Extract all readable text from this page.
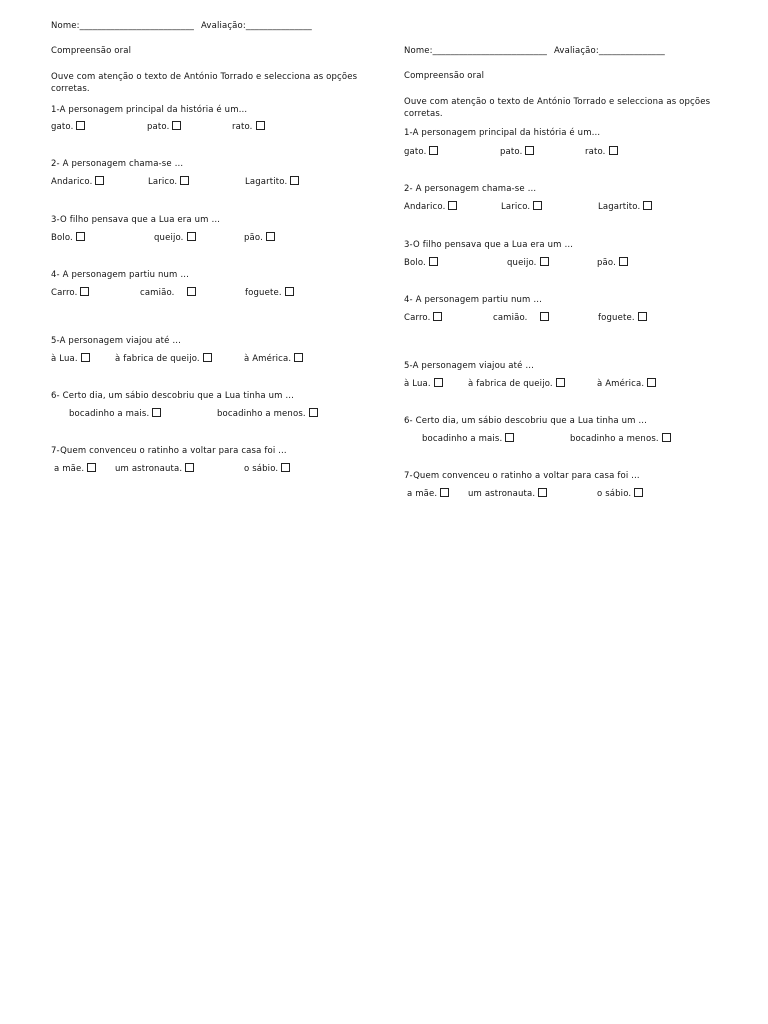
Nome:__________________________ Avaliação:_______________
Compreensão oral
Ouve com atenção o texto de António Torrado e selecciona as opções corretas.
1-A personagem principal da história é um…
gato.	pato.	rato.
2- A personagem chama-se …
Andarico.	Larico.	Lagartito.
3-O filho pensava que a Lua era um …
Bolo.	queijo.	pão.
4- A personagem partiu num …
Carro.	camião.	foguete.
5-A personagem viajou até …
à Lua.	à fabrica de queijo.	à América.
6- Certo dia, um sábio descobriu que a Lua tinha um …
bocadinho a mais.	bocadinho a menos.
7-Quem convenceu o ratinho a voltar para casa foi …
a mãe.	um astronauta.	o sábio.
Nome:__________________________ Avaliação:_______________
Compreensão oral
Ouve com atenção o texto de António Torrado e selecciona as opções corretas.
1-A personagem principal da história é um…
gato.	pato.	rato.
2- A personagem chama-se …
Andarico.	Larico.	Lagartito.
3-O filho pensava que a Lua era um …
Bolo.	queijo.	pão.
4- A personagem partiu num …
Carro.	camião.	foguete.
5-A personagem viajou até …
à Lua.	à fabrica de queijo.	à América.
6- Certo dia, um sábio descobriu que a Lua tinha um …
bocadinho a mais.	bocadinho a menos.
7-Quem convenceu o ratinho a voltar para casa foi …
a mãe.	um astronauta.	o sábio.
